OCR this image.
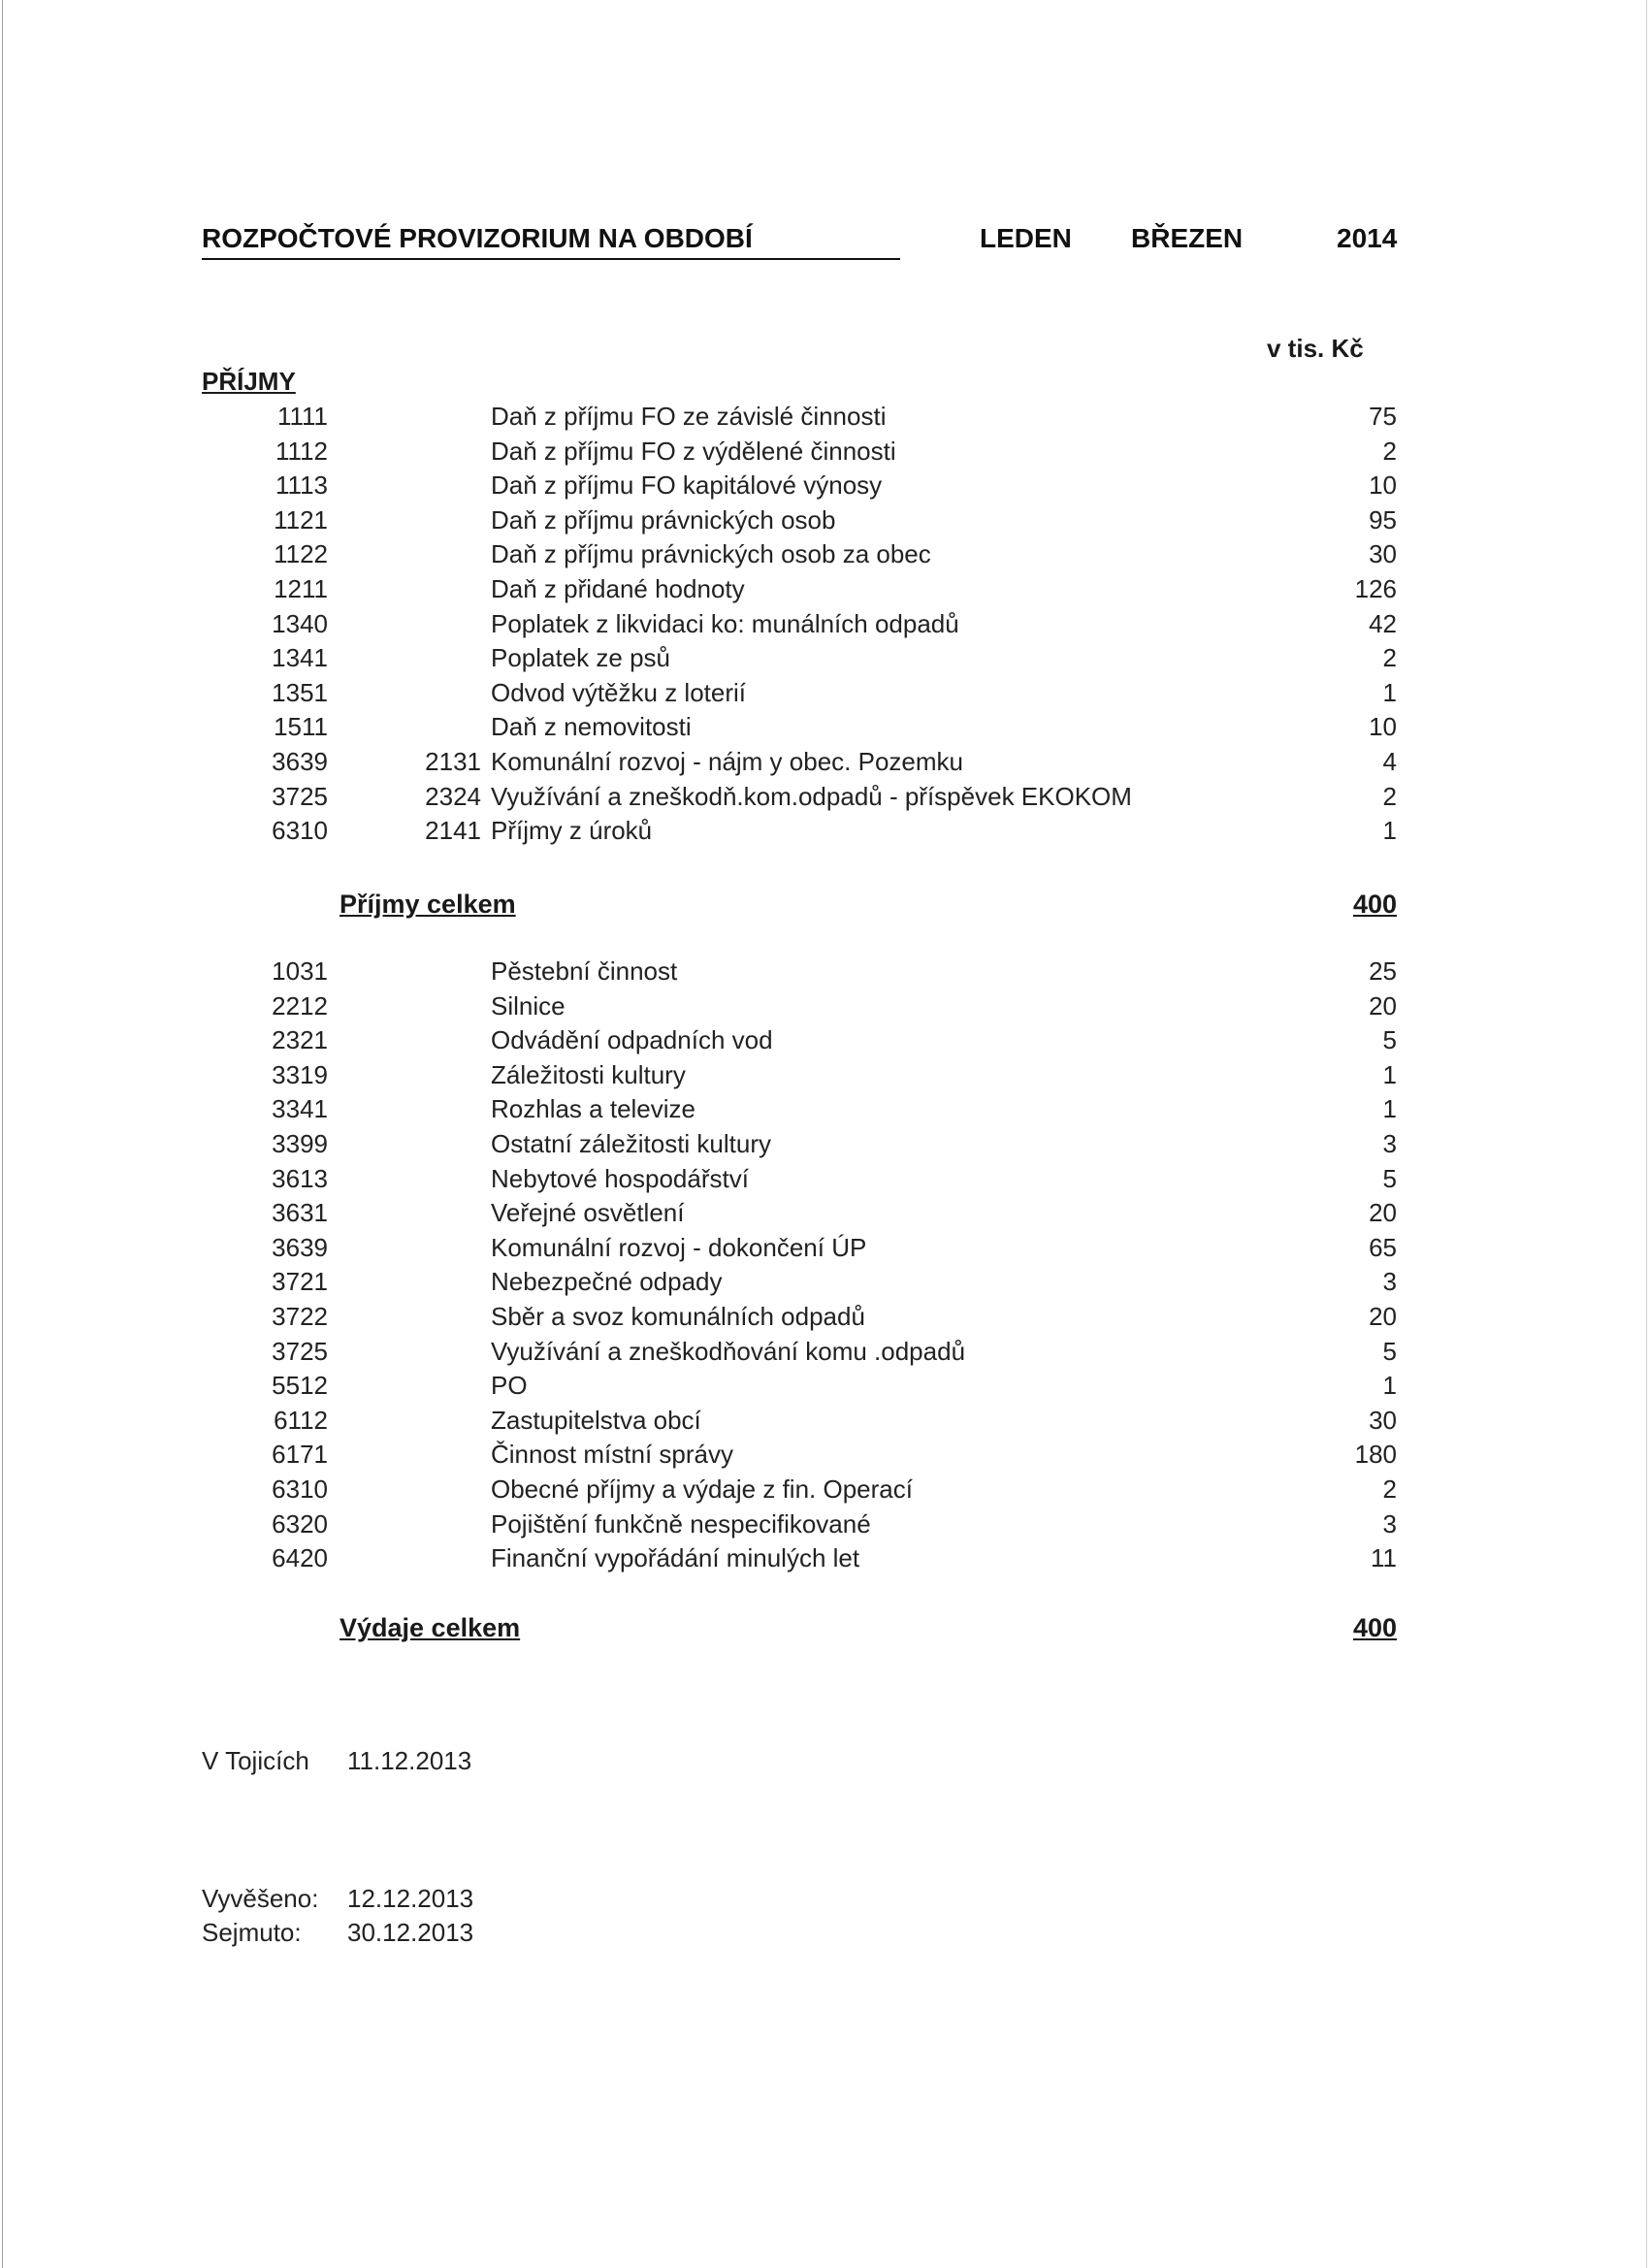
ROZPOČTOVÉ PROVIZORIUM NA OBDOBÍ	LEDEN BŘEZEN	2014
v tis. Kč
PŘÍJMY
1111	Daň z příjmu FO ze závislé činnosti	75
1112	Daň z příjmu FO z výdělené činnosti	2
1113	Daň z příjmu FO kapitálové výnosy	10
1121	Daň z příjmu právnických osob	95
1122	Daň z příjmu právnických osob za obec	30
1211	Daň z přidané hodnoty	126
1340	Poplatek z likvidaci ko: munálních odpadů	42
1341	Poplatek ze psů	2
1351	Odvod výtěžku z loterií	1
1511	Daň z nemovitosti	10
3639	2131 Komunální rozvoj - nájm y obec. Pozemku	4
3725	2324 Využívání a zneškodň.kom.odpadů - příspěvek EKOKOM	2
6310	2141 Příjmy z úroků	1
Příjmy celkem	400
1031	Pěstební činnost	25
2212	Silnice	20
2321	Odvádění odpadních vod	5
3319	Záležitosti kultury	1
3341	Rozhlas a televize	1
3399	Ostatní záležitosti kultury	3
3613	Nebytové hospodářství	5
3631	Veřejné osvětlení	20
3639	Komunální rozvoj - dokončení ÚP	65
3721	Nebezpečné odpady	3
3722	Sběr a svoz komunálních odpadů	20
3725	Využívání a zneškodňování komu .odpadů	5
5512	PO	1
6112	Zastupitelstva obcí	30
6171	Činnost místní správy	180
6310	Obecné příjmy a výdaje z fin. Operací	2
6320	Pojištění funkčně nespecifikované	3
6420	Finanční vypořádání minulých let	11
Výdaje celkem	400
V Tojicích 11.12.2013
Vyvěšeno: 12.12.2013
Sejmuto: 30.12.2013
